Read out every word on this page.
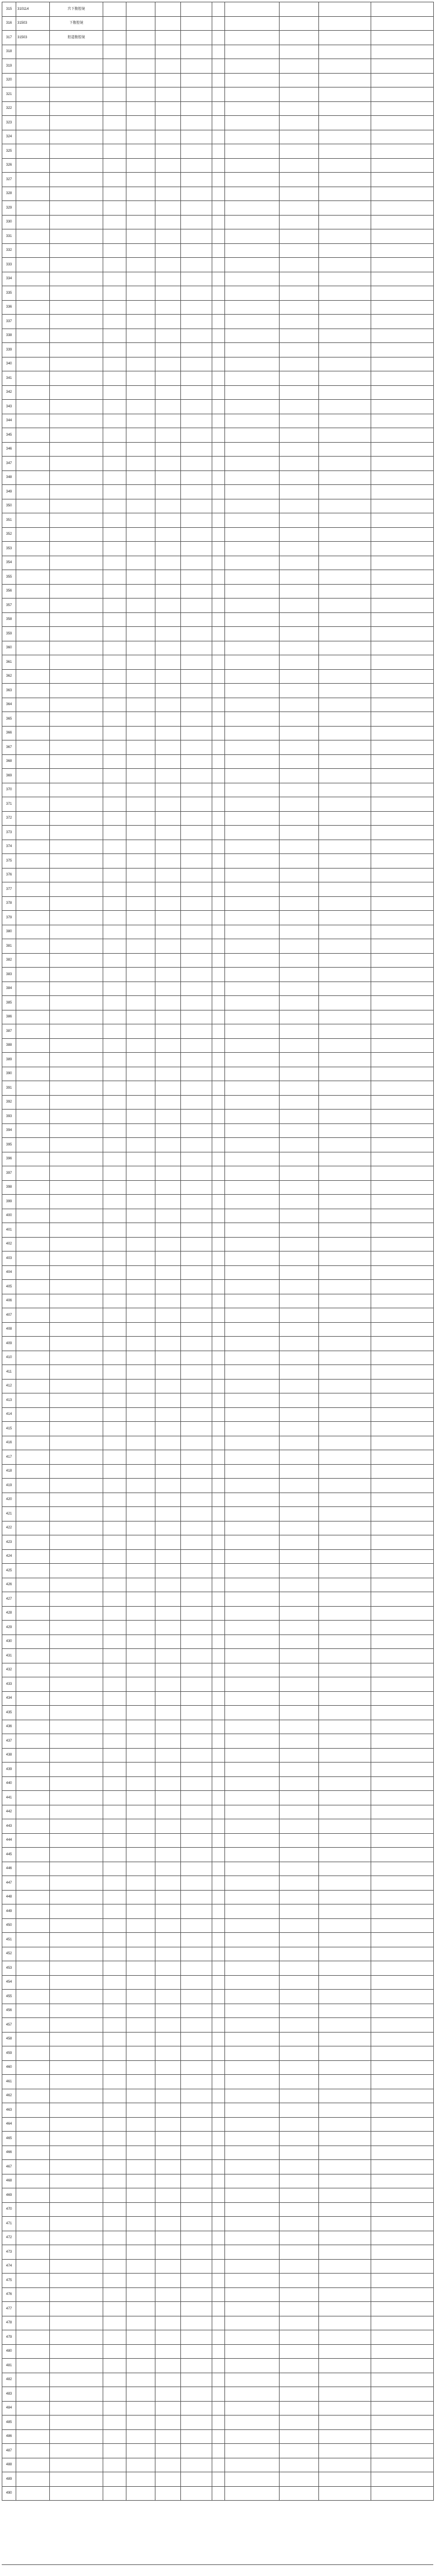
315	310114	宫下腹腔镜									
316	31503	下腹腔镜									
317	31503	胆道腹腔镜									
318											
319											
320											
321											
322											
323											
324											
325											
326											
327											
328											
329											
330											
331											
332											
333											
334											
335											
336											
337											
338											
339											
340											
341											
342											
343											
344											
345											
346											
347											
348											
349											
350											
351											
352											
353											
354											
355											
356											
357											
358											
359											
360											
361											
362											
363											
364											
365											
366											
367											
368											
369											
370											
371											
372											
373											
374											
375											
376											
377											
378											
379											
380											
381											
382											
383											
384											
385											
386											
387											
388											
389											
390											
391											
392											
393											
394											
395											
396											
397											
398											
399											
400											
401											
402											
403											
404											
405											
406											
407											
408											
409											
410											
411											
412											
413											
414											
415											
416											
417											
418											
419											
420											
421											
422											
423											
424											
425											
426											
427											
428											
429											
430											
431											
432											
433											
434											
435											
436											
437											
438											
439											
440											
441											
442											
443											
444											
445											
446											
447											
448											
449											
450											
451											
452											
453											
454											
455											
456											
457											
458											
459											
460											
461											
462											
463											
464											
465											
466											
467											
468											
469											
470											
471											
472											
473											
474											
475											
476											
477											
478											
479											
480											
481											
482											
483											
484											
485											
486											
487											
488											
489											
490											
